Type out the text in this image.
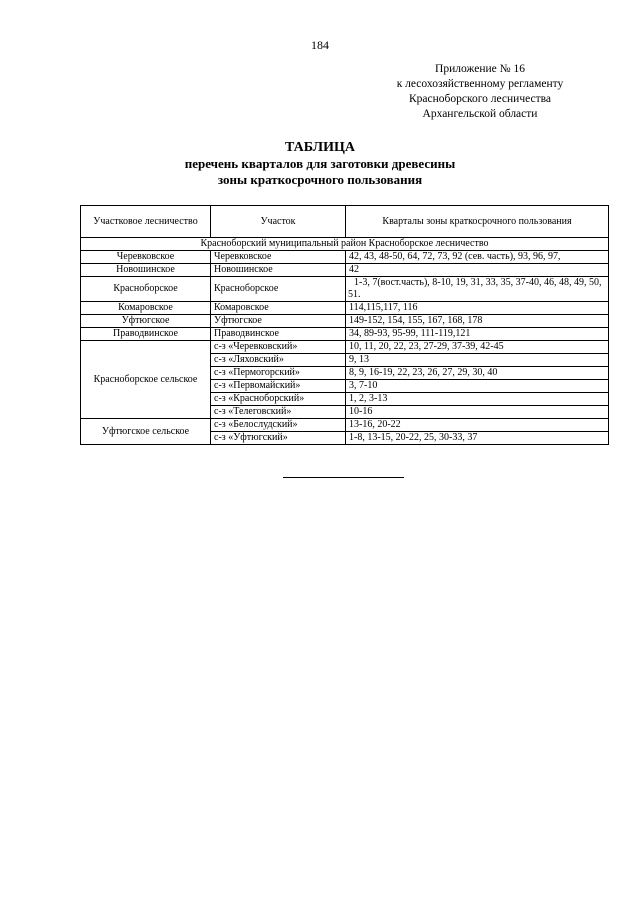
184
Приложение № 16
к лесохозяйственному регламенту
Красноборского лесничества
Архангельской области
ТАБЛИЦА
перечень кварталов для заготовки древесины
зоны краткосрочного пользования
Участковое лесничество	Участок	Кварталы зоны краткосрочного пользования
Красноборский муниципальный район Красноборское лесничество		
Черевковское	Черевковское	42, 43, 48-50, 64, 72, 73, 92 (сев. часть), 93, 96, 97,
Новошинское	Новошинское	42
Красноборское	Красноборское	1-3, 7(вост.часть), 8-10, 19, 31, 33, 35, 37-40, 46, 48, 49, 50, 51.
Комаровское	Комаровское	114,115,117, 116
Уфтюгское	Уфтюгское	149-152, 154, 155, 167, 168, 178
Праводвинское	Праводвинское	34, 89-93, 95-99, 111-119,121
Красноборское сельское	с-з «Черевковский»	10, 11, 20, 22, 23, 27-29, 37-39, 42-45
	с-з «Ляховский»	9, 13
	с-з «Пермогорский»	8, 9, 16-19, 22, 23, 26, 27, 29, 30, 40
	с-з «Первомайский»	3, 7-10
	с-з «Красноборский»	1, 2, 3-13
	с-з «Телеговский»	10-16
Уфтюгское сельское	с-з «Белослудский»	13-16, 20-22
	с-з «Уфтюгский»	1-8, 13-15, 20-22, 25, 30-33, 37
